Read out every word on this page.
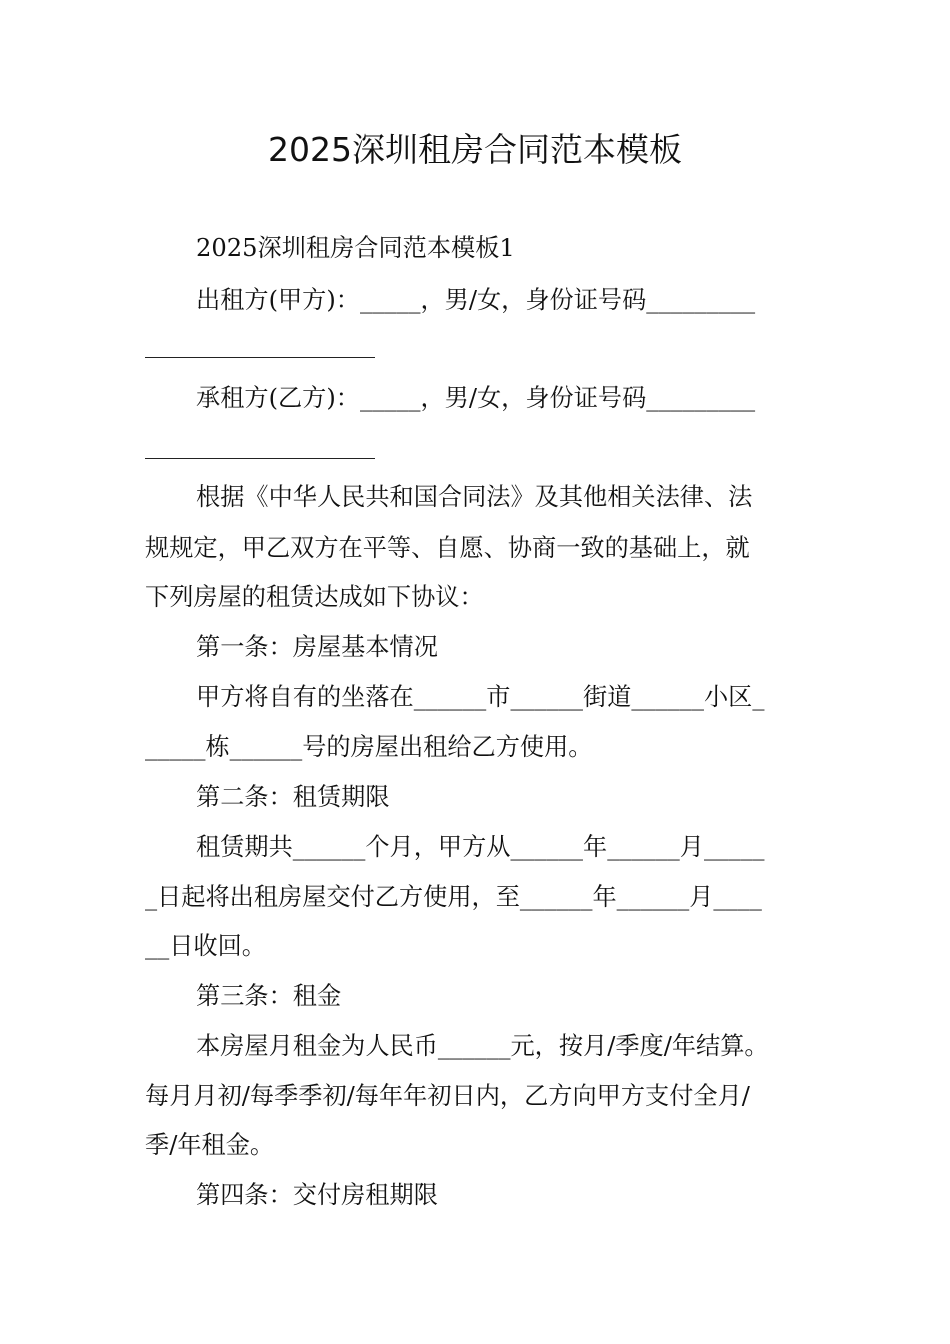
2025深圳租房合同范本模板

2025深圳租房合同范本模板1

出租方(甲方)：_____，男/女，身份证号码_________

承租方(乙方)：_____，男/女，身份证号码_________

根据《中华人民共和国合同法》及其他相关法律、法

规规定，甲乙双方在平等、自愿、协商一致的基础上，就

下列房屋的租赁达成如下协议：

第一条：房屋基本情况

甲方将自有的坐落在______市______街道______小区_

_____栋______号的房屋出租给乙方使用。

第二条：租赁期限

租赁期共______个月，甲方从______年______月_____

_日起将出租房屋交付乙方使用，至______年______月____

__日收回。

第三条：租金

本房屋月租金为人民币______元，按月/季度/年结算。

每月月初/每季季初/每年年初日内，乙方向甲方支付全月/

季/年租金。

第四条：交付房租期限
